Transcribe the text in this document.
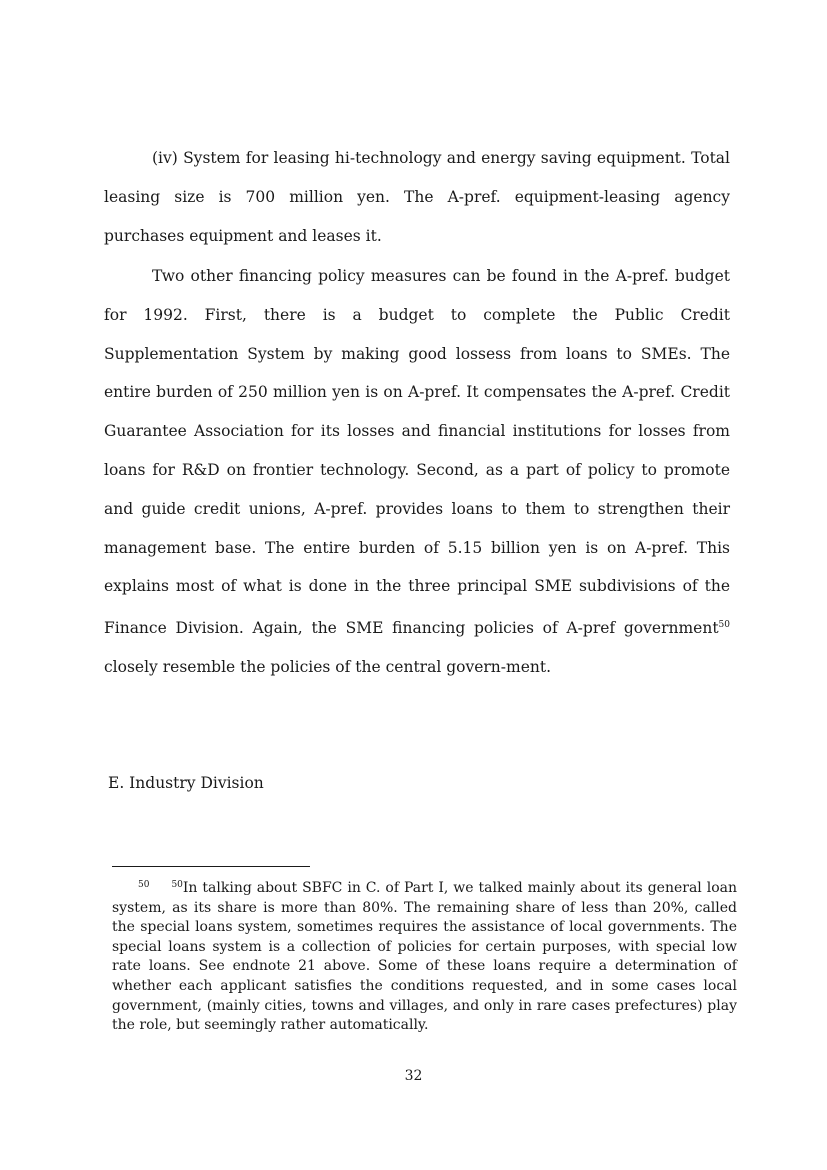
(iv) System for leasing hi-technology and energy saving equipment. Total leasing size is 700 million yen. The A-pref. equipment-leasing agency purchases equipment and leases it.

Two other financing policy measures can be found in the A-pref. budget for 1992. First, there is a budget to complete the Public Credit Supplementation System by making good lossess from loans to SMEs. The entire burden of 250 million yen is on A-pref. It compensates the A-pref. Credit Guarantee Association for its losses and financial institutions for losses from loans for R&D on frontier technology. Second, as a part of policy to promote and guide credit unions, A-pref. provides loans to them to strengthen their management base. The entire burden of 5.15 billion yen is on A-pref. This explains most of what is done in the three principal SME subdivisions of the Finance Division. Again, the SME financing policies of A-pref government$^{50}$ closely resemble the policies of the central govern-ment.

E. Industry Division

50 $^{50}$In talking about SBFC in C. of Part I, we talked mainly about its general loan system, as its share is more than 80%. The remaining share of less than 20%, called the special loans system, sometimes requires the assistance of local governments. The special loans system is a collection of policies for certain purposes, with special low rate loans. See endnote 21 above. Some of these loans require a determination of whether each applicant satisfies the conditions requested, and in some cases local government, (mainly cities, towns and villages, and only in rare cases prefectures) play the role, but seemingly rather automatically.

32
